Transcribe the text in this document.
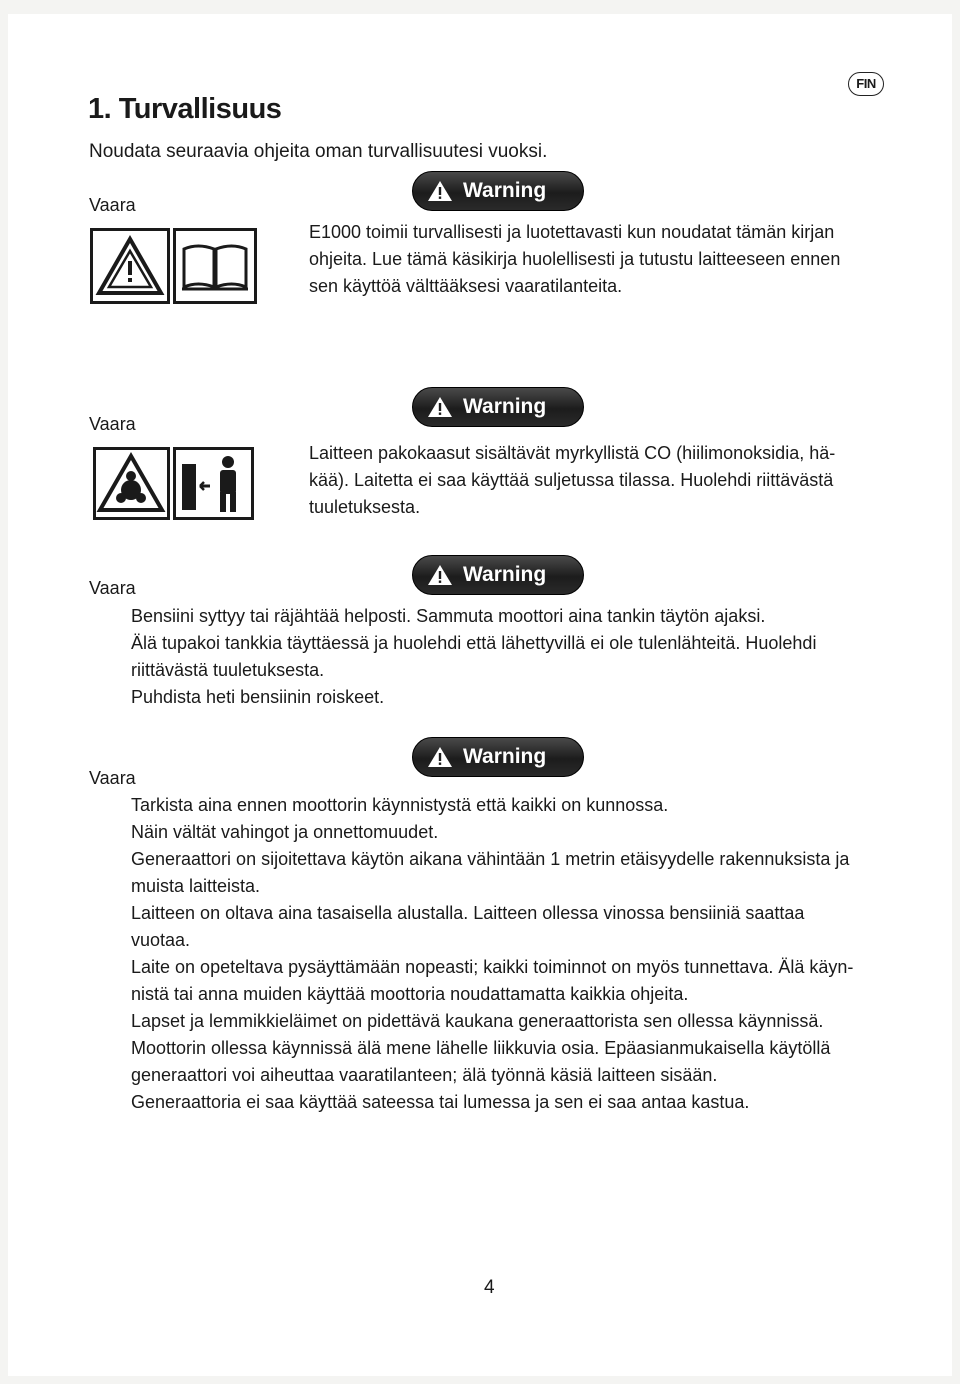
1. Turvallisuus
FIN
Noudata seuraavia ohjeita oman turvallisuutesi vuoksi.
Vaara
Warning

E1000 toimii turvallisesti ja luotettavasti kun noudatat tämän kirjan

ohjeita. Lue tämä käsikirja huolellisesti ja tutustu laitteeseen ennen

sen käyttöä välttääksesi vaaratilanteita.

Vaara
Warning

Laitteen pakokaasut sisältävät myrkyllistä CO (hiilimonoksidia, hä-

kää). Laitetta ei saa käyttää suljetussa tilassa. Huolehdi riittävästä

tuuletuksesta.

Vaara
Warning

Bensiini syttyy tai räjähtää helposti. Sammuta moottori aina tankin täytön ajaksi.

Älä tupakoi tankkia täyttäessä ja huolehdi että lähettyvillä ei ole tulenlähteitä. Huolehdi

riittävästä tuuletuksesta.

Puhdista heti bensiinin roiskeet.

Vaara
Warning

Tarkista aina ennen moottorin käynnistystä että kaikki on kunnossa.

Näin vältät vahingot ja onnettomuudet.

Generaattori on sijoitettava käytön aikana vähintään 1 metrin etäisyydelle rakennuksista ja

muista laitteista.

Laitteen on oltava aina tasaisella alustalla. Laitteen ollessa vinossa bensiiniä saattaa

vuotaa.

Laite on opeteltava pysäyttämään nopeasti; kaikki toiminnot on myös tunnettava. Älä käyn-

nistä tai anna muiden käyttää moottoria noudattamatta kaikkia ohjeita.

Lapset ja lemmikkieläimet on pidettävä kaukana generaattorista sen ollessa käynnissä.

Moottorin ollessa käynnissä älä mene lähelle liikkuvia osia. Epäasianmukaisella käytöllä

generaattori voi aiheuttaa vaaratilanteen; älä työnnä käsiä laitteen sisään.

Generaattoria ei saa käyttää sateessa tai lumessa ja sen ei saa antaa kastua.

4
